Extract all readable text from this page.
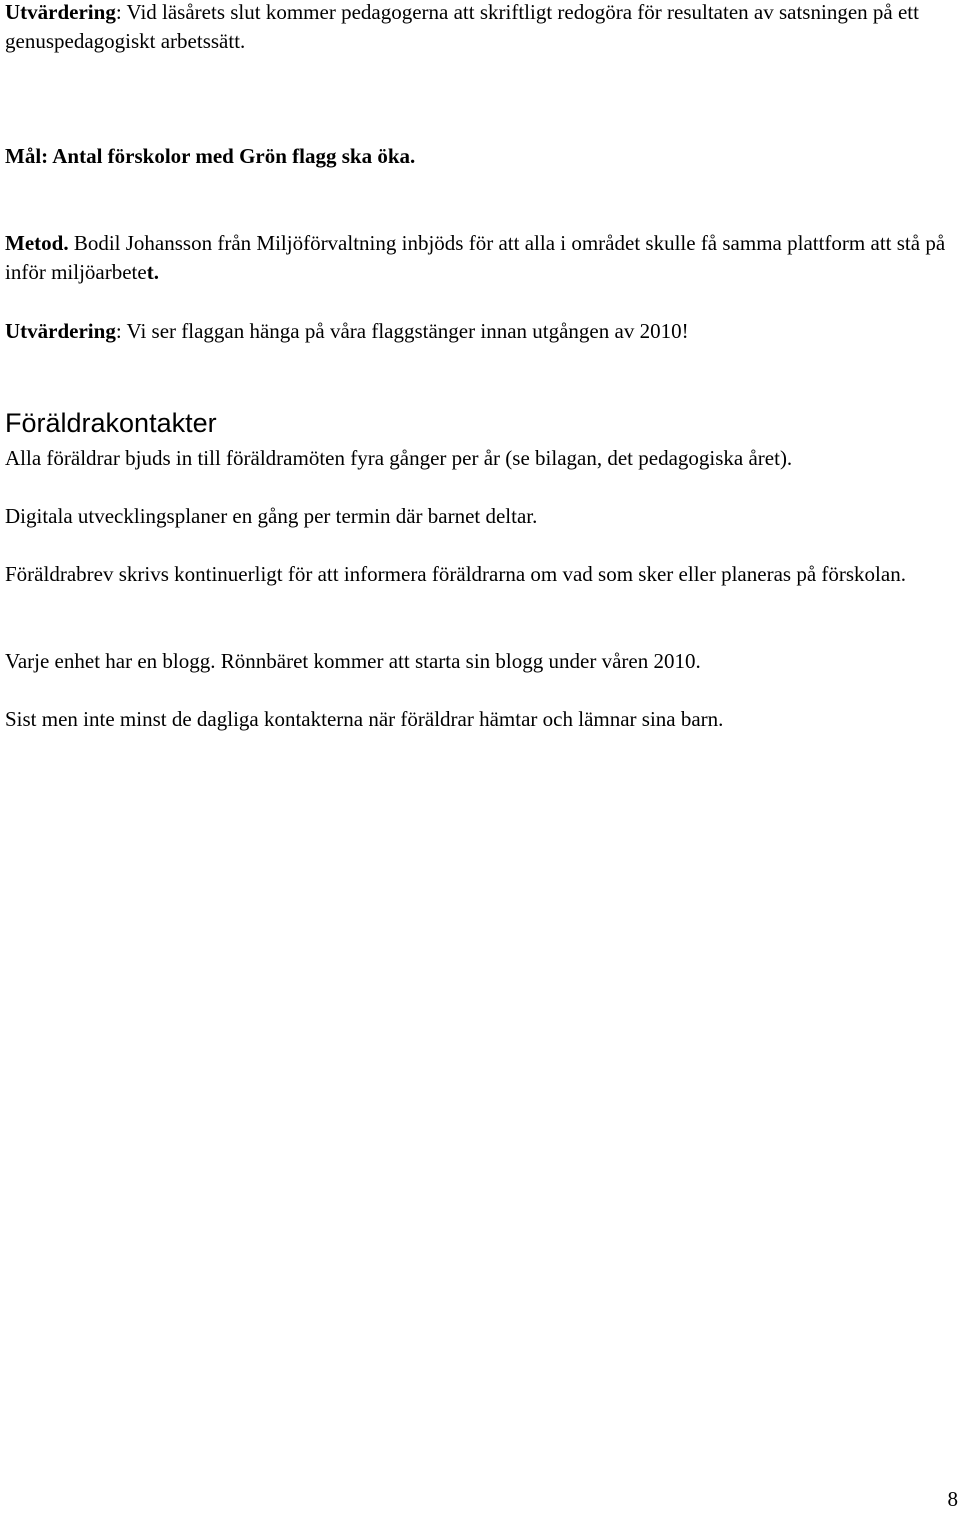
Utvärdering: Vid läsårets slut kommer pedagogerna att skriftligt redogöra för resultaten av satsningen på ett genuspedagogiskt arbetssätt.

Mål: Antal förskolor med Grön flagg ska öka.

Metod. Bodil Johansson från Miljöförvaltning inbjöds för att alla i området skulle få samma plattform att stå på inför miljöarbetet.

Utvärdering: Vi ser flaggan hänga på våra flaggstänger innan utgången av 2010!

Föräldrakontakter

Alla föräldrar bjuds in till föräldramöten fyra gånger per år (se bilagan, det pedagogiska året).

Digitala utvecklingsplaner en gång per termin där barnet deltar.

Föräldrabrev skrivs kontinuerligt för att informera föräldrarna om vad som sker eller planeras på förskolan.

Varje enhet har en blogg. Rönnbäret kommer att starta sin blogg under våren 2010.

Sist men inte minst de dagliga kontakterna när föräldrar hämtar och lämnar sina barn.

8
